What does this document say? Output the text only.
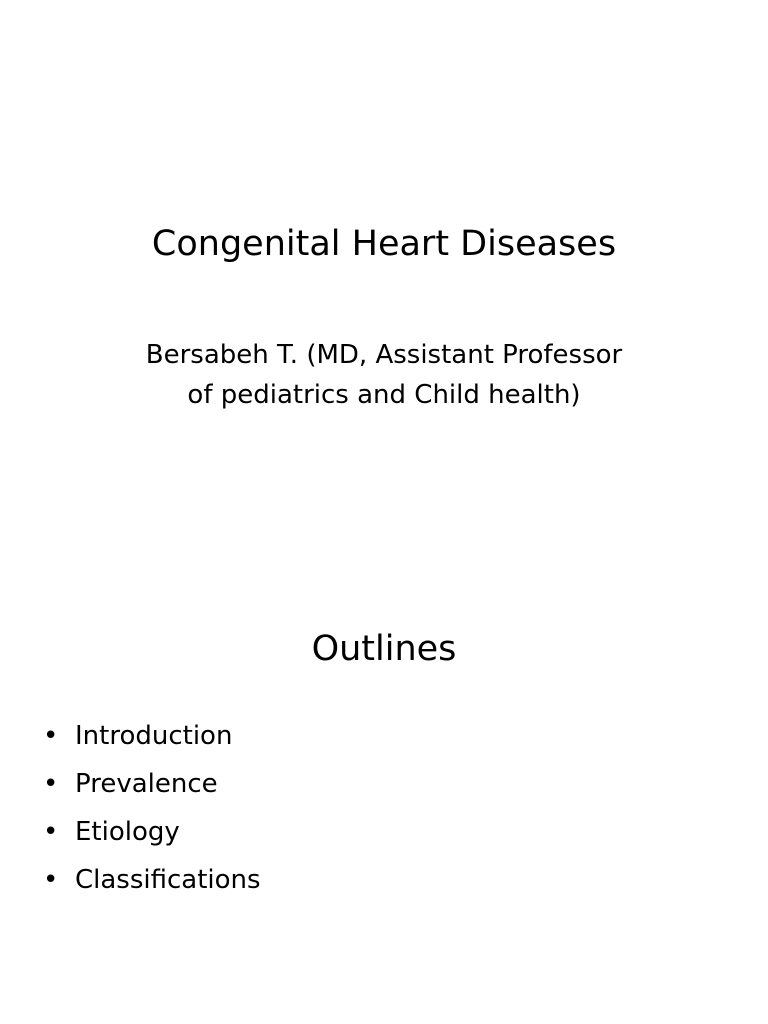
Congenital Heart Diseases
Bersabeh T. (MD, Assistant Professor
of pediatrics and Child health)
Outlines
• Introduction
• Prevalence
• Etiology
• Classifications
